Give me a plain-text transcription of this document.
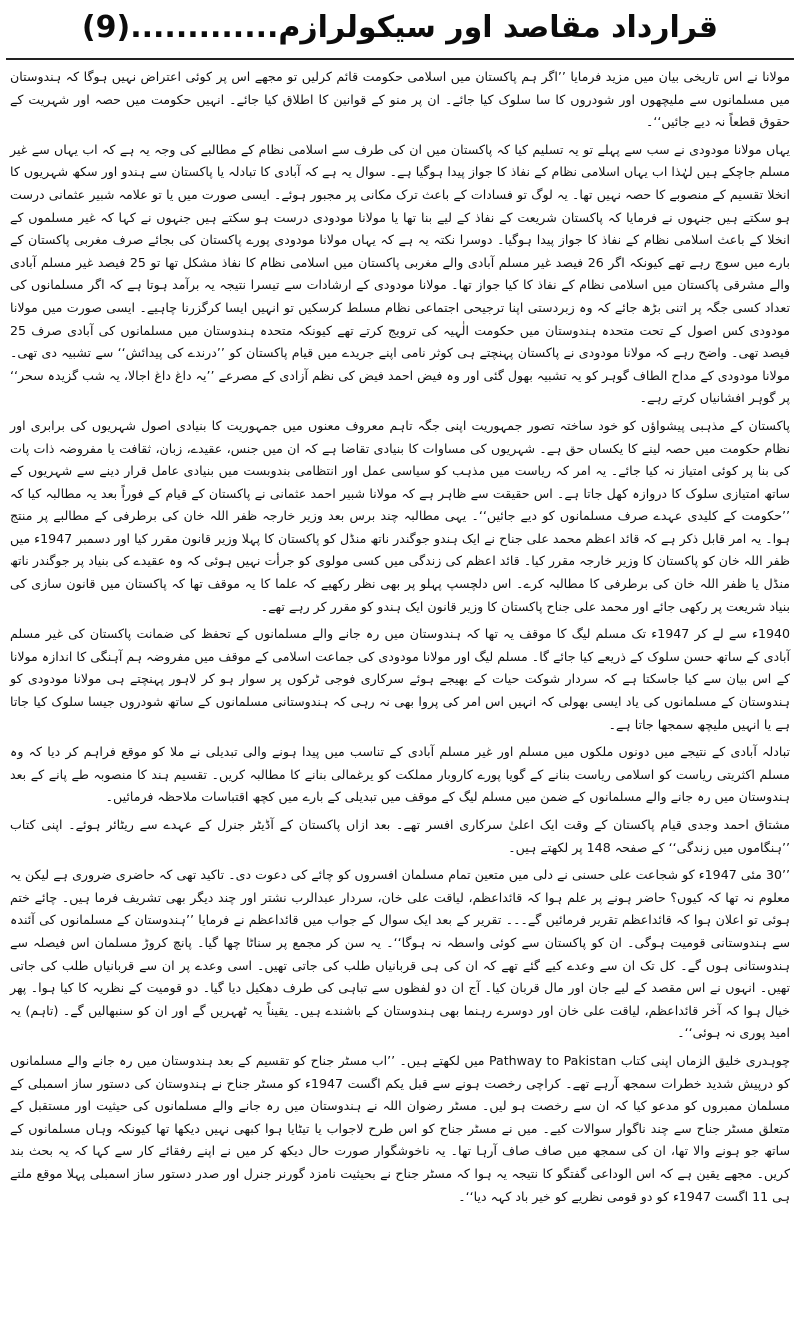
قرارداد مقاصد اور سیکولرازم.............(9)

مولانا نے اس تاریخی بیان میں مزید فرمایا ’’اگر ہم پاکستان میں اسلامی حکومت قائم کرلیں تو مجھے اس پر کوئی اعتراض نہیں ہوگا کہ ہندوستان میں مسلمانوں سے ملیچھوں اور شودروں کا سا سلوک کیا جائے۔ ان پر منو کے قوانین کا اطلاق کیا جائے۔ انہیں حکومت میں حصہ اور شہریت کے حقوق قطعاً نہ دیے جائیں‘‘۔

یہاں مولانا مودودی نے سب سے پہلے تو یہ تسلیم کیا کہ پاکستان میں ان کی طرف سے اسلامی نظام کے مطالبے کی وجہ یہ ہے کہ اب یہاں سے غیر مسلم جاچکے ہیں لہٰذا اب یہاں اسلامی نظام کے نفاذ کا جواز پیدا ہوگیا ہے۔ سوال یہ ہے کہ آبادی کا تبادلہ یا پاکستان سے ہندو اور سکھ شہریوں کا انخلا تقسیم کے منصوبے کا حصہ نہیں تھا۔ یہ لوگ تو فسادات کے باعث ترک مکانی پر مجبور ہوئے۔ ایسی صورت میں یا تو علامہ شبیر عثمانی درست ہو سکتے ہیں جنہوں نے فرمایا کہ پاکستان شریعت کے نفاذ کے لیے بنا تھا یا مولانا مودودی درست ہو سکتے ہیں جنہوں نے کہا کہ غیر مسلموں کے انخلا کے باعث اسلامی نظام کے نفاذ کا جواز پیدا ہوگیا۔ دوسرا نکتہ یہ ہے کہ یہاں مولانا مودودی پورے پاکستان کی بجائے صرف مغربی پاکستان کے بارے میں سوچ رہے تھے کیونکہ اگر 26 فیصد غیر مسلم آبادی والے مغربی پاکستان میں اسلامی نظام کا نفاذ مشکل تھا تو 25 فیصد غیر مسلم آبادی والے مشرقی پاکستان میں اسلامی نظام کے نفاذ کا کیا جواز تھا۔ مولانا مودودی کے ارشادات سے تیسرا نتیجہ یہ برآمد ہوتا ہے کہ اگر مسلمانوں کی تعداد کسی جگہ پر اتنی بڑھ جائے کہ وہ زبردستی اپنا ترجیحی اجتماعی نظام مسلط کرسکیں تو انہیں ایسا کرگزرنا چاہیے۔ ایسی صورت میں مولانا مودودی کس اصول کے تحت متحدہ ہندوستان میں حکومت الٰہیہ کی ترویج کرتے تھے کیونکہ متحدہ ہندوستان میں مسلمانوں کی آبادی صرف 25 فیصد تھی۔ واضح رہے کہ مولانا مودودی نے پاکستان پہنچتے ہی کوثر نامی اپنے جریدے میں قیام پاکستان کو ’’درندے کی پیدائش‘‘ سے تشبیہ دی تھی۔ مولانا مودودی کے مداح الطاف گوہر کو یہ تشبیہ بھول گئی اور وہ فیض احمد فیض کی نظم آزادی کے مصرعے ’’یہ داغ داغ اجالا، یہ شب گزیدہ سحر‘‘ پر گوہر افشانیاں کرتے رہے۔

پاکستان کے مذہبی پیشواؤں کو خود ساختہ تصور جمہوریت اپنی جگہ تاہم معروف معنوں میں جمہوریت کا بنیادی اصول شہریوں کی برابری اور نظام حکومت میں حصہ لینے کا یکساں حق ہے۔ شہریوں کی مساوات کا بنیادی تقاضا ہے کہ ان میں جنس، عقیدے، زبان، ثقافت یا مفروضہ ذات پات کی بنا پر کوئی امتیاز نہ کیا جائے۔ یہ امر کہ ریاست میں مذہب کو سیاسی عمل اور انتظامی بندوبست میں بنیادی عامل قرار دینے سے شہریوں کے ساتھ امتیازی سلوک کا دروازہ کھل جاتا ہے۔ اس حقیقت سے ظاہر ہے کہ مولانا شبیر احمد عثمانی نے پاکستان کے قیام کے فوراً بعد یہ مطالبہ کیا کہ ’’حکومت کے کلیدی عہدے صرف مسلمانوں کو دیے جائیں‘‘۔ یہی مطالبہ چند برس بعد وزیر خارجہ ظفر اللہ خان کی برطرفی کے مطالبے پر منتج ہوا۔ یہ امر قابل ذکر ہے کہ قائد اعظم محمد علی جناح نے ایک ہندو جوگندر ناتھ منڈل کو پاکستان کا پہلا وزیر قانون مقرر کیا اور دسمبر 1947ء میں ظفر اللہ خان کو پاکستان کا وزیر خارجہ مقرر کیا۔ قائد اعظم کی زندگی میں کسی مولوی کو جرأت نہیں ہوئی کہ وہ عقیدے کی بنیاد پر جوگندر ناتھ منڈل یا ظفر اللہ خان کی برطرفی کا مطالبہ کرے۔ اس دلچسپ پہلو پر بھی نظر رکھیے کہ علما کا یہ موقف تھا کہ پاکستان میں قانون سازی کی بنیاد شریعت پر رکھی جائے اور محمد علی جناح پاکستان کا وزیر قانون ایک ہندو کو مقرر کر رہے تھے۔

1940ء سے لے کر 1947ء تک مسلم لیگ کا موقف یہ تھا کہ ہندوستان میں رہ جانے والے مسلمانوں کے تحفظ کی ضمانت پاکستان کی غیر مسلم آبادی کے ساتھ حسن سلوک کے ذریعے کیا جائے گا۔ مسلم لیگ اور مولانا مودودی کی جماعت اسلامی کے موقف میں مفروضہ ہم آہنگی کا اندازہ مولانا کے اس بیان سے کیا جاسکتا ہے کہ سردار شوکت حیات کے بھیجے ہوئے سرکاری فوجی ٹرکوں پر سوار ہو کر لاہور پہنچتے ہی مولانا مودودی کو ہندوستان کے مسلمانوں کی یاد ایسی بھولی کہ انہیں اس امر کی پروا بھی نہ رہی کہ ہندوستانی مسلمانوں کے ساتھ شودروں جیسا سلوک کیا جاتا ہے یا انہیں ملیچھ سمجھا جاتا ہے۔

تبادلہ آبادی کے نتیجے میں دونوں ملکوں میں مسلم اور غیر مسلم آبادی کے تناسب میں پیدا ہونے والی تبدیلی نے ملا کو موقع فراہم کر دیا کہ وہ مسلم اکثریتی ریاست کو اسلامی ریاست بنانے کے گویا پورے کاروبار مملکت کو یرغمالی بنانے کا مطالبہ کریں۔ تقسیم ہند کا منصوبہ طے پانے کے بعد ہندوستان میں رہ جانے والے مسلمانوں کے ضمن میں مسلم لیگ کے موقف میں تبدیلی کے بارے میں کچھ اقتباسات ملاحظہ فرمائیں۔

مشتاق احمد وجدی قیام پاکستان کے وقت ایک اعلیٰ سرکاری افسر تھے۔ بعد ازاں پاکستان کے آڈیٹر جنرل کے عہدے سے ریٹائر ہوئے۔ اپنی کتاب ’’ہنگاموں میں زندگی‘‘ کے صفحہ 148 پر لکھتے ہیں۔

’’30 مئی 1947ء کو شجاعت علی حسنی نے دلی میں متعین تمام مسلمان افسروں کو چائے کی دعوت دی۔ تاکید تھی کہ حاضری ضروری ہے لیکن یہ معلوم نہ تھا کہ کیوں؟ حاضر ہونے پر علم ہوا کہ قائداعظم، لیاقت علی خان، سردار عبدالرب نشتر اور چند دیگر بھی تشریف فرما ہیں۔ چائے ختم ہوئی تو اعلان ہوا کہ قائداعظم تقریر فرمائیں گے۔۔۔ تقریر کے بعد ایک سوال کے جواب میں قائداعظم نے فرمایا ’’ہندوستان کے مسلمانوں کی آئندہ سے ہندوستانی قومیت ہوگی۔ ان کو پاکستان سے کوئی واسطہ نہ ہوگا‘‘۔ یہ سن کر مجمع پر سناٹا چھا گیا۔ پانچ کروڑ مسلمان اس فیصلہ سے ہندوستانی ہوں گے۔ کل تک ان سے وعدے کیے گئے تھے کہ ان کی ہی قربانیاں طلب کی جاتی تھیں۔ اسی وعدے پر ان سے قربانیاں طلب کی جاتی تھیں۔ انہوں نے اس مقصد کے لیے جان اور مال قربان کیا۔ آج ان دو لفظوں سے تباہی کی طرف دھکیل دیا گیا۔ دو قومیت کے نظریہ کا کیا ہوا۔ پھر خیال ہوا کہ آخر قائداعظم، لیاقت علی خان اور دوسرے رہنما بھی ہندوستان کے باشندے ہیں۔ یقیناً یہ ٹھہریں گے اور ان کو سنبھالیں گے۔ (تاہم) یہ امید پوری نہ ہوئی‘‘۔

چوہدری خلیق الزماں اپنی کتاب Pathway to Pakistan میں لکھتے ہیں۔ ’’اب مسٹر جناح کو تقسیم کے بعد ہندوستان میں رہ جانے والے مسلمانوں کو درپیش شدید خطرات سمجھ آرہے تھے۔ کراچی رخصت ہونے سے قبل یکم اگست 1947ء کو مسٹر جناح نے ہندوستان کی دستور ساز اسمبلی کے مسلمان ممبروں کو مدعو کیا کہ ان سے رخصت ہو لیں۔ مسٹر رضوان اللہ نے ہندوستان میں رہ جانے والے مسلمانوں کی حیثیت اور مستقبل کے متعلق مسٹر جناح سے چند ناگوار سوالات کیے۔ میں نے مسٹر جناح کو اس طرح لاجواب یا تیٹایا ہوا کبھی نہیں دیکھا تھا کیونکہ وہاں مسلمانوں کے ساتھ جو ہونے والا تھا، ان کی سمجھ میں صاف صاف آرہا تھا۔ یہ ناخوشگوار صورت حال دیکھ کر میں نے اپنے رفقائے کار سے کہا کہ یہ بحث بند کریں۔ مجھے یقین ہے کہ اس الوداعی گفتگو کا نتیجہ یہ ہوا کہ مسٹر جناح نے بحیثیت نامزد گورنر جنرل اور صدر دستور ساز اسمبلی پہلا موقع ملتے ہی 11 اگست 1947ء کو دو قومی نظریے کو خیر باد کہہ دیا‘‘۔
